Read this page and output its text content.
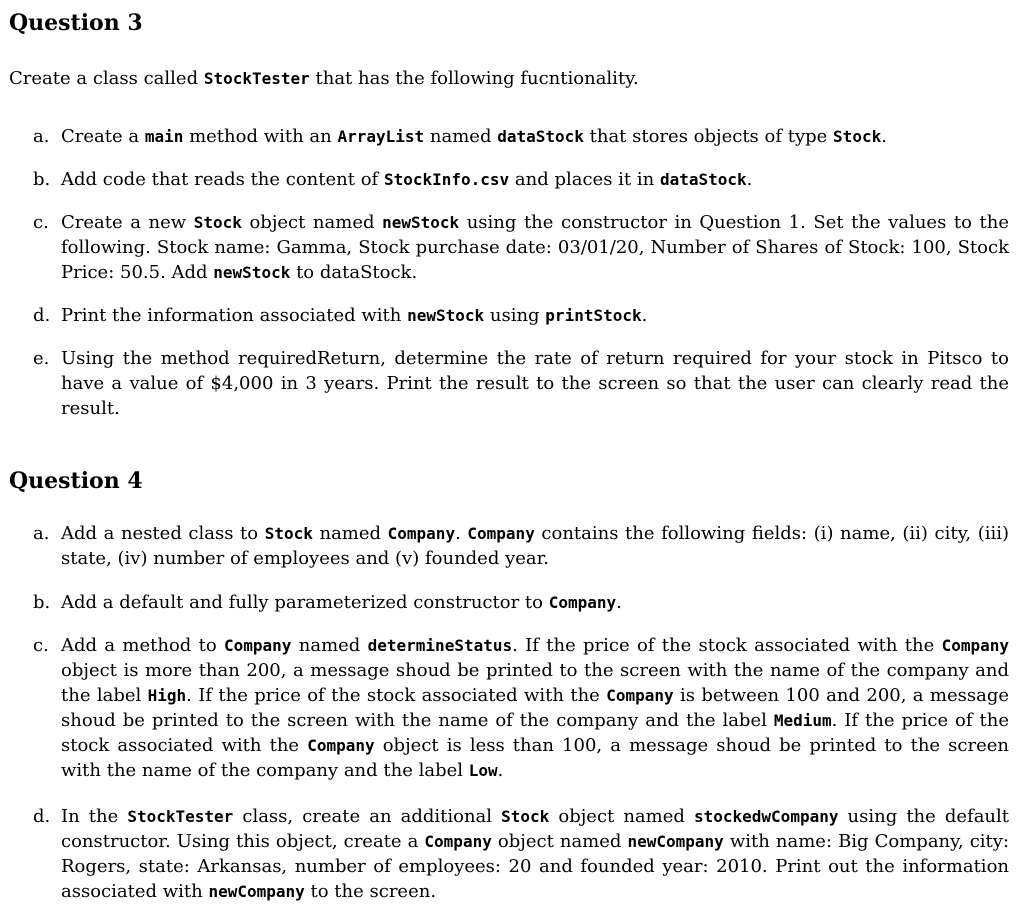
Question 3

Create a class called StockTester that has the following fucntionality.

a. Create a main method with an ArrayList named dataStock that stores objects of type Stock.
b. Add code that reads the content of StockInfo.csv and places it in dataStock.
c. Create a new Stock object named newStock using the constructor in Question 1. Set the values to the following. Stock name: Gamma, Stock purchase date: 03/01/20, Number of Shares of Stock: 100, Stock Price: 50.5. Add newStock to dataStock.
d. Print the information associated with newStock using printStock.
e. Using the method requiredReturn, determine the rate of return required for your stock in Pitsco to have a value of $4,000 in 3 years. Print the result to the screen so that the user can clearly read the result.
Question 4
a. Add a nested class to Stock named Company. Company contains the following fields: (i) name, (ii) city, (iii) state, (iv) number of employees and (v) founded year.
b. Add a default and fully parameterized constructor to Company.
c. Add a method to Company named determineStatus. If the price of the stock associated with the Company object is more than 200, a message shoud be printed to the screen with the name of the company and the label High. If the price of the stock associated with the Company is between 100 and 200, a message shoud be printed to the screen with the name of the company and the label Medium. If the price of the stock associated with the Company object is less than 100, a message shoud be printed to the screen with the name of the company and the label Low.
d. In the StockTester class, create an additional Stock object named stockedwCompany using the default constructor. Using this object, create a Company object named newCompany with name: Big Company, city: Rogers, state: Arkansas, number of employees: 20 and founded year: 2010. Print out the information associated with newCompany to the screen.
